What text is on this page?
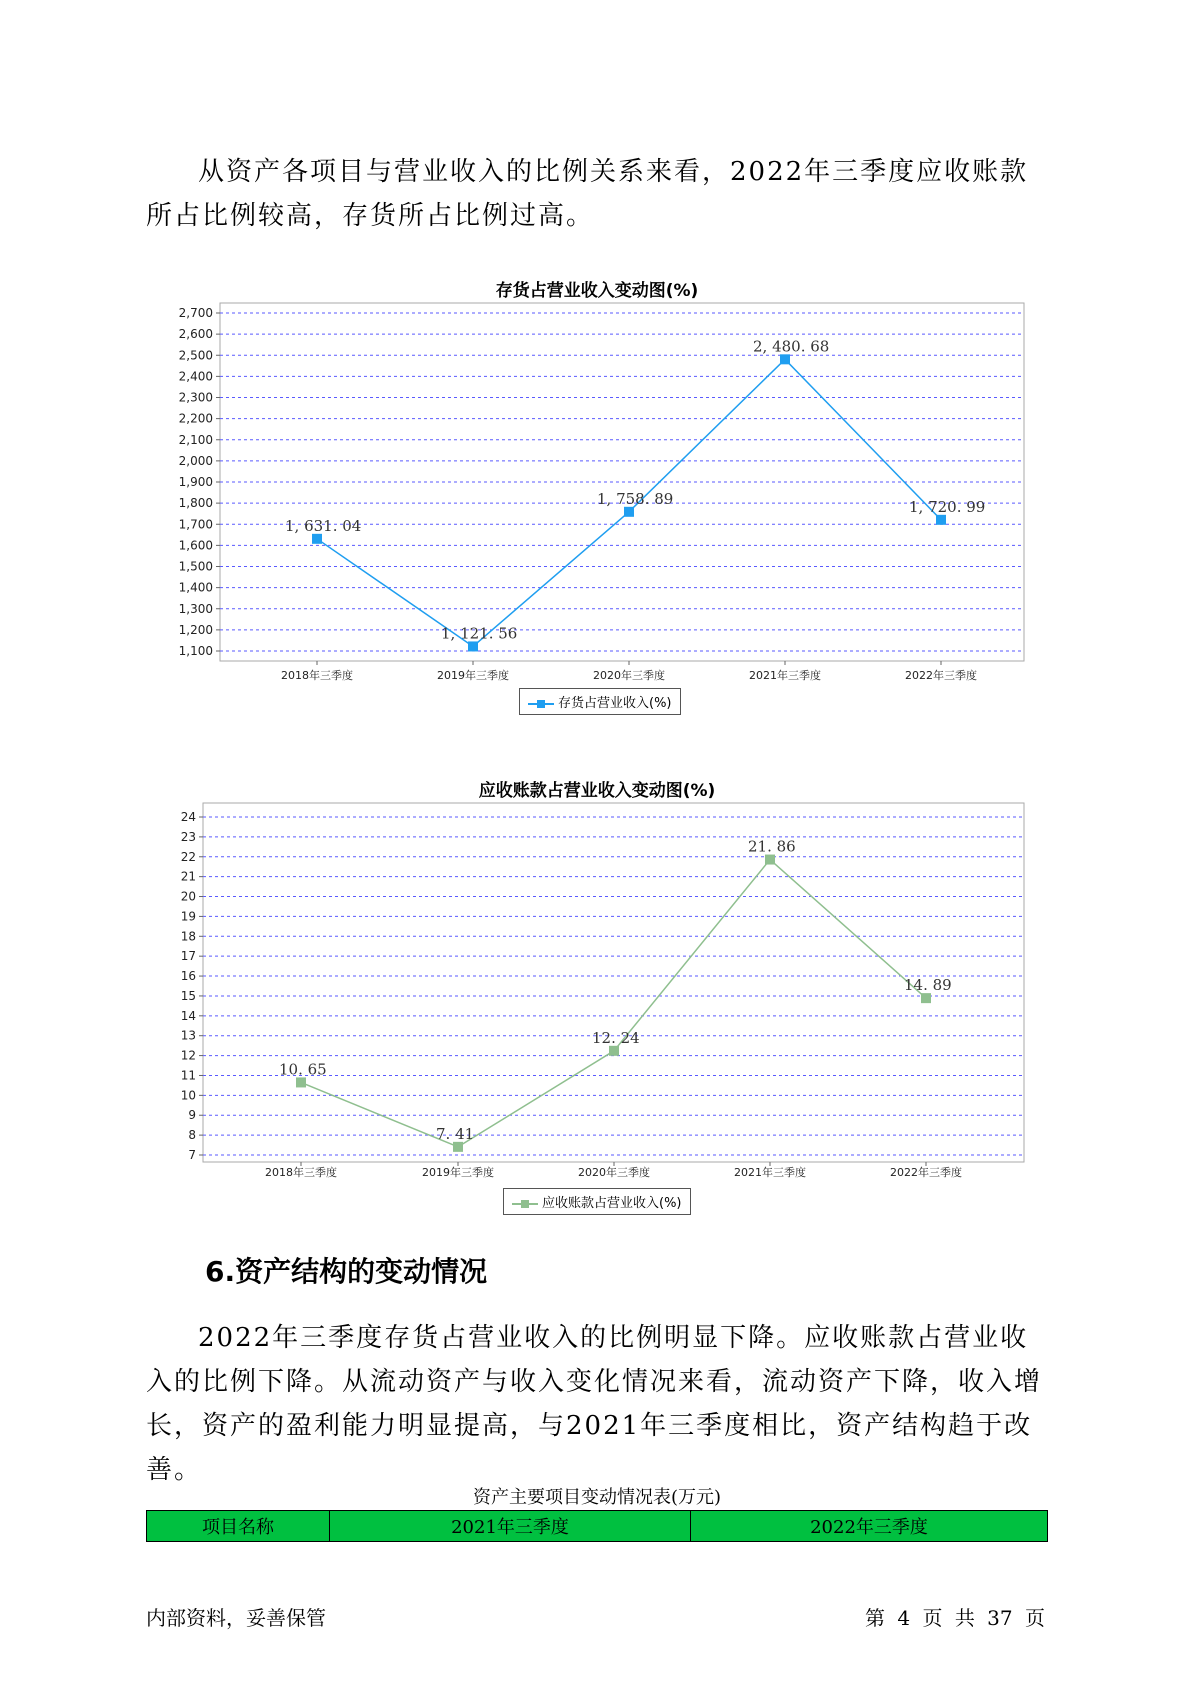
从资产各项目与营业收入的比例关系来看，2022年三季度应收账款所占比例较高，存货所占比例过高。

存货占营业收入变动图(%)
1,100
1,200
1,300
1,400
1,500
1,600
1,700
1,800
1,900
2,000
2,100
2,200
2,300
2,400
2,500
2,600
2,700
2018年三季度	2019年三季度	2020年三季度	2021年三季度	2022年三季度
1, 631. 04
1, 121. 56
1, 758. 89
2, 480. 68
1, 720. 99
存货占营业收入(%)
应收账款占营业收入变动图(%)
7
8
9
10
11
12
13
14
15
16
17
18
19
20
21
22
23
24
2018年三季度	2019年三季度	2020年三季度	2021年三季度	2022年三季度
10. 65
7. 41
12. 24
21. 86
14. 89
应收账款占营业收入(%)
6.资产结构的变动情况

2022年三季度存货占营业收入的比例明显下降。应收账款占营业收入的比例下降。从流动资产与收入变化情况来看，流动资产下降，收入增长，资产的盈利能力明显提高，与2021年三季度相比，资产结构趋于改善。

资产主要项目变动情况表(万元)
项目名称	2021年三季度	2022年三季度
内部资料，妥善保管	第 4 页 共 37 页
